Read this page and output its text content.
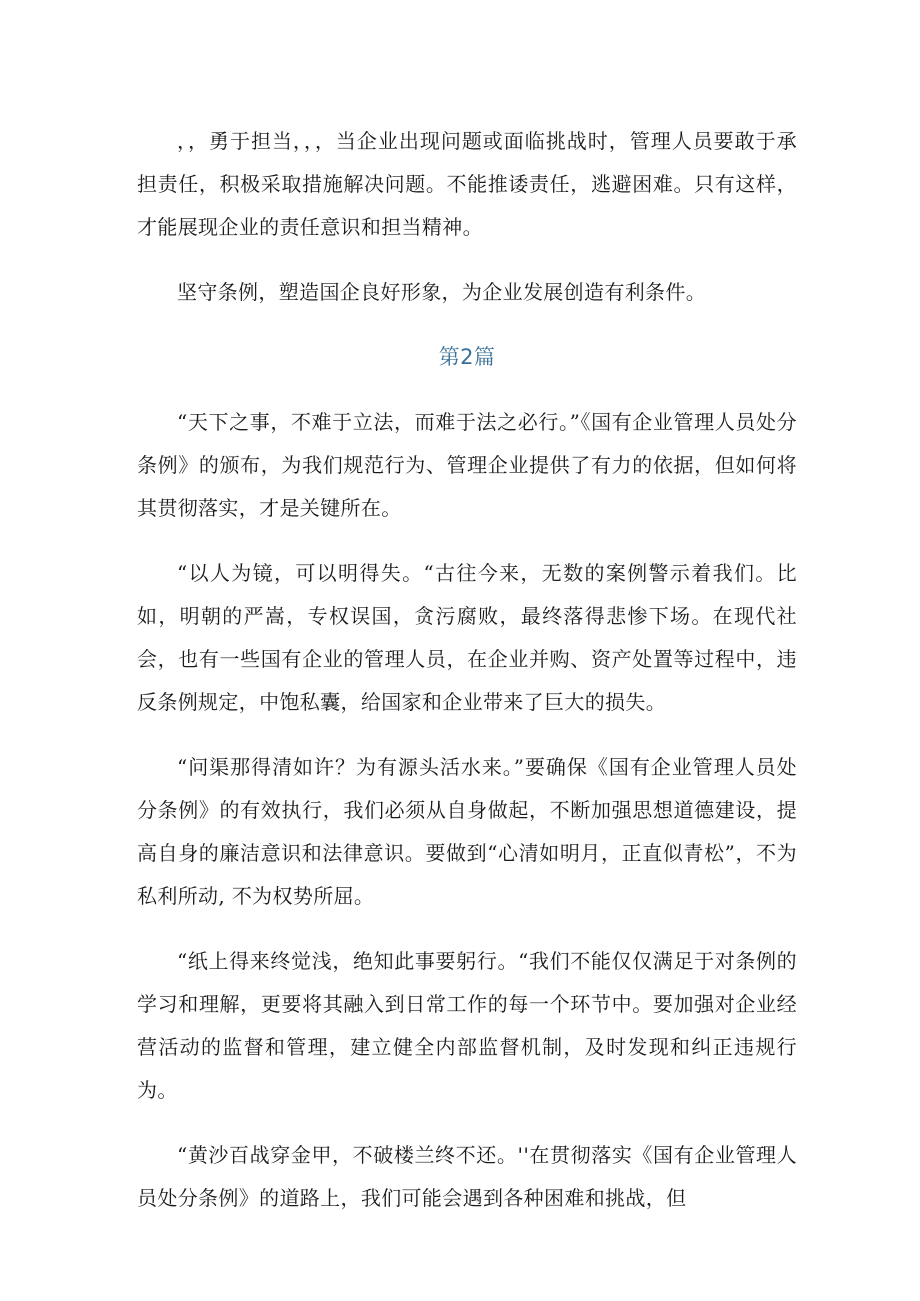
，，勇于担当，，，当企业出现问题或面临挑战时，管理人员要敢于承担责任，积极采取措施解决问题。不能推诿责任，逃避困难。只有这样，才能展现企业的责任意识和担当精神。

坚守条例，塑造国企良好形象，为企业发展创造有利条件。

第2篇

“天下之事，不难于立法，而难于法之必行。”《国有企业管理人员处分条例》的颁布，为我们规范行为、管理企业提供了有力的依据，但如何将其贯彻落实，才是关键所在。

“以人为镜，可以明得失。“古往今来，无数的案例警示着我们。比如，明朝的严嵩，专权误国，贪污腐败，最终落得悲惨下场。在现代社会，也有一些国有企业的管理人员，在企业并购、资产处置等过程中，违反条例规定，中饱私囊，给国家和企业带来了巨大的损失。

“问渠那得清如许？为有源头活水来。”要确保《国有企业管理人员处分条例》的有效执行，我们必须从自身做起，不断加强思想道德建设，提高自身的廉洁意识和法律意识。要做到“心清如明月，正直似青松”，不为私利所动, 不为权势所屈。

“纸上得来终觉浅，绝知此事要躬行。“我们不能仅仅满足于对条例的学习和理解，更要将其融入到日常工作的每一个环节中。要加强对企业经营活动的监督和管理，建立健全内部监督机制，及时发现和纠正违规行为。

“黄沙百战穿金甲，不破楼兰终不还。''在贯彻落实《国有企业管理人员处分条例》的道路上，我们可能会遇到各种困难和挑战，但
